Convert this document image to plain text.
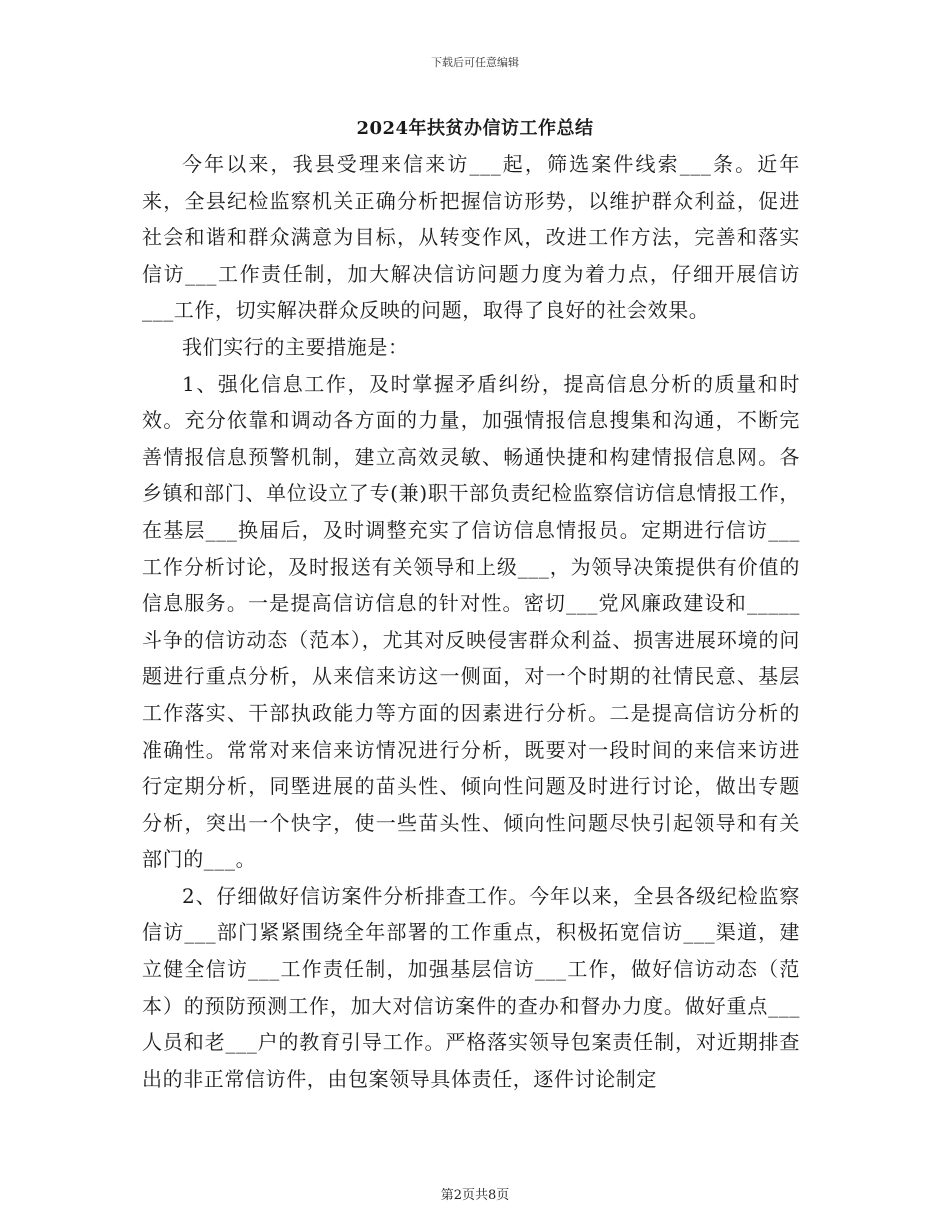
下载后可任意编辑
2024年扶贫办信访工作总结

今年以来，我县受理来信来访___起，筛选案件线索___条。近年来，全县纪检监察机关正确分析把握信访形势，以维护群众利益，促进社会和谐和群众满意为目标，从转变作风，改进工作方法，完善和落实信访___工作责任制，加大解决信访问题力度为着力点，仔细开展信访___工作，切实解决群众反映的问题，取得了良好的社会效果。

我们实行的主要措施是：

1、强化信息工作，及时掌握矛盾纠纷，提高信息分析的质量和时效。充分依靠和调动各方面的力量，加强情报信息搜集和沟通，不断完善情报信息预警机制，建立高效灵敏、畅通快捷和构建情报信息网。各乡镇和部门、单位设立了专(兼)职干部负责纪检监察信访信息情报工作，在基层___换届后，及时调整充实了信访信息情报员。定期进行信访___工作分析讨论，及时报送有关领导和上级___，为领导决策提供有价值的信息服务。一是提高信访信息的针对性。密切___党风廉政建设和_____斗争的信访动态（范本），尤其对反映侵害群众利益、损害进展环境的问题进行重点分析，从来信来访这一侧面，对一个时期的社情民意、基层工作落实、干部执政能力等方面的因素进行分析。二是提高信访分析的准确性。常常对来信来访情况进行分析，既要对一段时间的来信来访进行定期分析，同塈进展的苗头性、倾向性问题及时进行讨论，做出专题分析，突出一个快字，使一些苗头性、倾向性问题尽快引起领导和有关部门的___。

2、仔细做好信访案件分析排查工作。今年以来，全县各级纪检监察信访___部门紧紧围绕全年部署的工作重点，积极拓宽信访___渠道，建立健全信访___工作责任制，加强基层信访___工作，做好信访动态（范本）的预防预测工作，加大对信访案件的查办和督办力度。做好重点___人员和老___户的教育引导工作。严格落实领导包案责任制，对近期排查出的非正常信访件，由包案领导具体责任，逐件讨论制定

第2页共8页
